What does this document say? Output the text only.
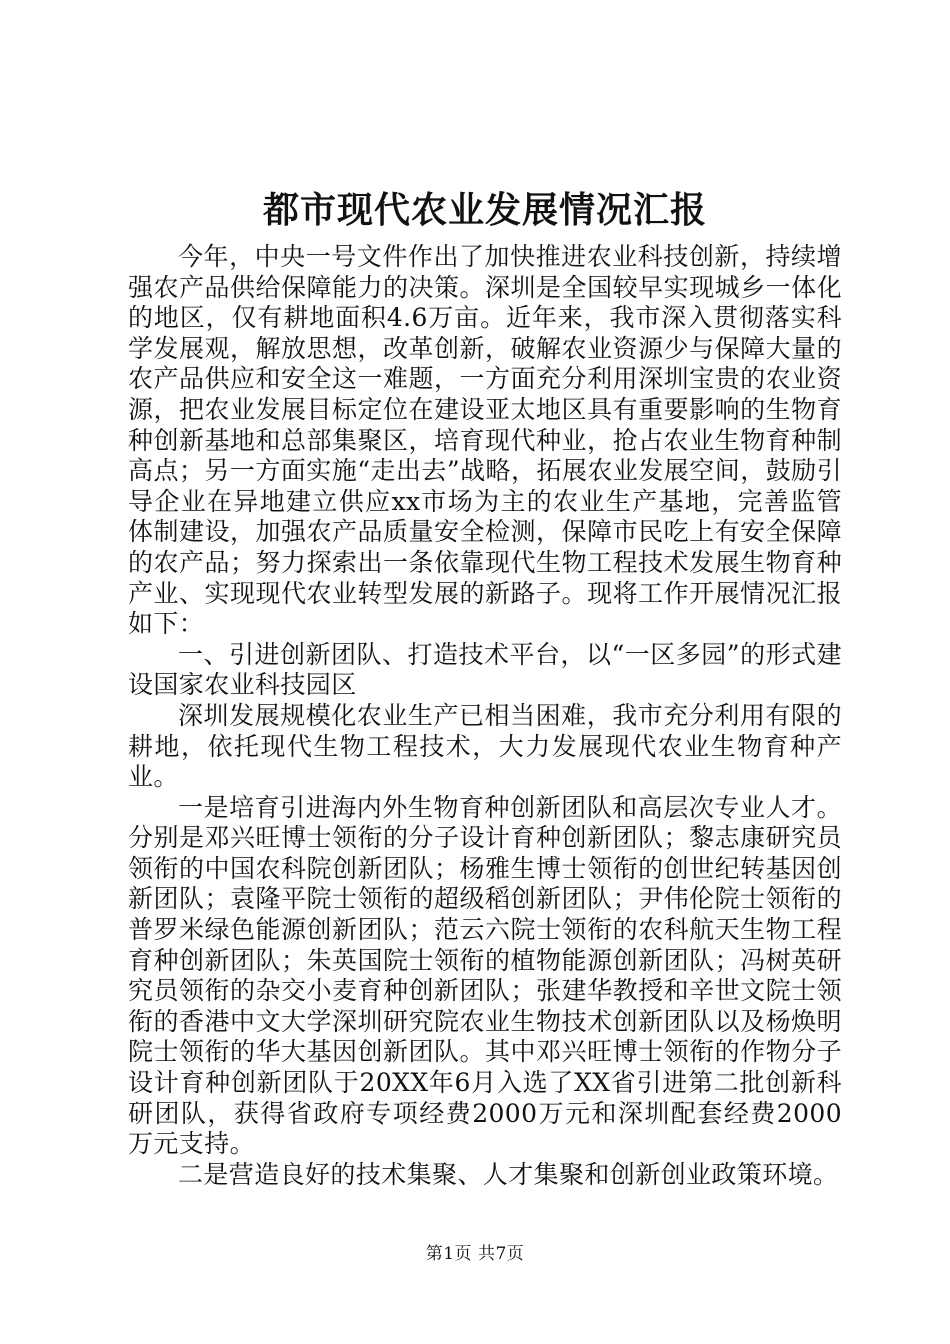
都市现代农业发展情况汇报

今年，中央一号文件作出了加快推进农业科技创新，持续增强农产品供给保障能力的决策。深圳是全国较早实现城乡一体化的地区，仅有耕地面积4.6万亩。近年来，我市深入贯彻落实科学发展观，解放思想，改革创新，破解农业资源少与保障大量的农产品供应和安全这一难题，一方面充分利用深圳宝贵的农业资源，把农业发展目标定位在建设亚太地区具有重要影响的生物育种创新基地和总部集聚区，培育现代种业，抢占农业生物育种制高点；另一方面实施“走出去”战略，拓展农业发展空间，鼓励引导企业在异地建立供应xx市场为主的农业生产基地，完善监管体制建设，加强农产品质量安全检测，保障市民吃上有安全保障的农产品；努力探索出一条依靠现代生物工程技术发展生物育种产业、实现现代农业转型发展的新路子。现将工作开展情况汇报如下：

一、引进创新团队、打造技术平台，以“一区多园”的形式建设国家农业科技园区

深圳发展规模化农业生产已相当困难，我市充分利用有限的耕地，依托现代生物工程技术，大力发展现代农业生物育种产业。

一是培育引进海内外生物育种创新团队和高层次专业人才。分别是邓兴旺博士领衔的分子设计育种创新团队；黎志康研究员领衔的中国农科院创新团队；杨雅生博士领衔的创世纪转基因创新团队；袁隆平院士领衔的超级稻创新团队；尹伟伦院士领衔的普罗米绿色能源创新团队；范云六院士领衔的农科航天生物工程育种创新团队；朱英国院士领衔的植物能源创新团队；冯树英研究员领衔的杂交小麦育种创新团队；张建华教授和辛世文院士领衔的香港中文大学深圳研究院农业生物技术创新团队以及杨焕明院士领衔的华大基因创新团队。其中邓兴旺博士领衔的作物分子设计育种创新团队于20XX年6月入选了XX省引进第二批创新科研团队，获得省政府专项经费2000万元和深圳配套经费2000万元支持。

二是营造良好的技术集聚、人才集聚和创新创业政策环境。

第1页 共7页
